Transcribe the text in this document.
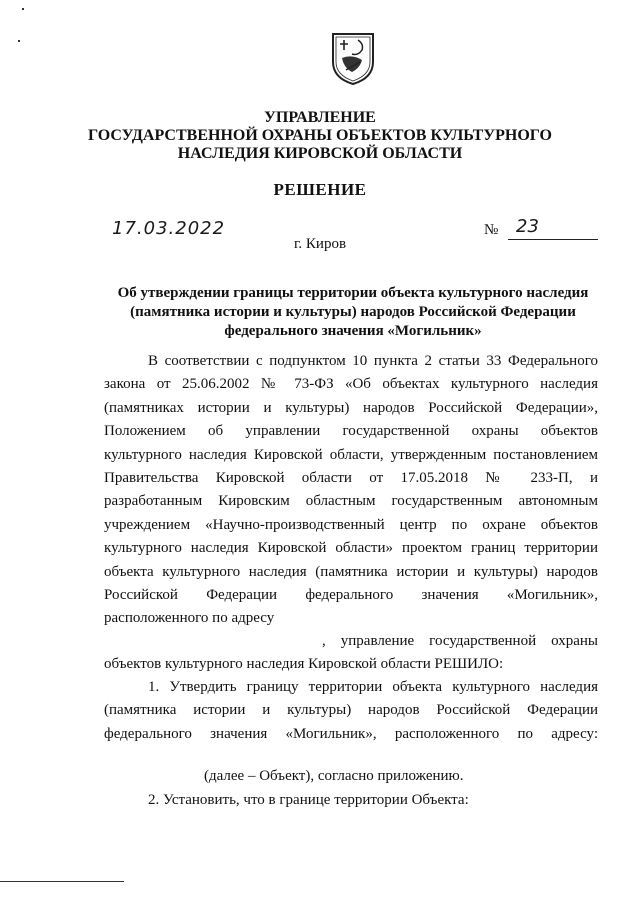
УПРАВЛЕНИЕ
ГОСУДАРСТВЕННОЙ ОХРАНЫ ОБЪЕКТОВ КУЛЬТУРНОГО
НАСЛЕДИЯ КИРОВСКОЙ ОБЛАСТИ
РЕШЕНИЕ
17.03.2022	№ 23
г. Киров
Об утверждении границы территории объекта культурного наследия
(памятника истории и культуры) народов Российской Федерации
федерального значения «Могильник»
В соответствии с подпунктом 10 пункта 2 статьи 33 Федерального
закона от 25.06.2002 № 73-ФЗ «Об объектах культурного наследия
(памятниках истории и культуры) народов Российской Федерации»,
Положением об управлении государственной охраны объектов
культурного наследия Кировской области, утвержденным постановлением
Правительства Кировской области от 17.05.2018 № 233-П, и
разработанным Кировским областным государственным автономным
учреждением «Научно-производственный центр по охране объектов
культурного наследия Кировской области» проектом границ территории
объекта культурного наследия (памятника истории и культуры) народов
Российской Федерации федерального значения «Могильник»,
расположенного по адресу
, управление государственной охраны
объектов культурного наследия Кировской области РЕШИЛО:
1. Утвердить границу территории объекта культурного наследия
(памятника истории и культуры) народов Российской Федерации
федерального значения «Могильник», расположенного по адресу:
(далее – Объект), согласно приложению.
2. Установить, что в границе территории Объекта:
